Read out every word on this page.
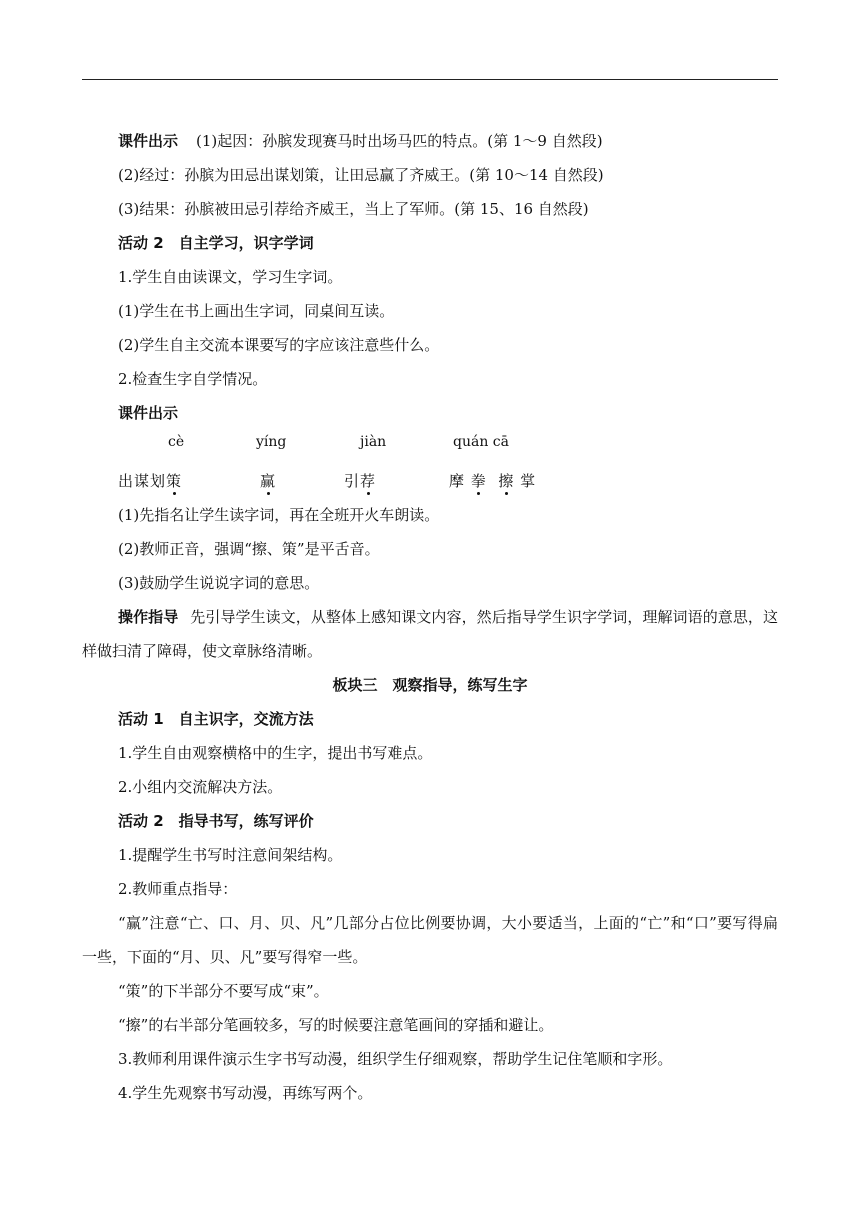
课件出示 (1)起因：孙膑发现赛马时出场马匹的特点。(第 1～9 自然段)
(2)经过：孙膑为田忌出谋划策，让田忌赢了齐威王。(第 10～14 自然段)
(3)结果：孙膑被田忌引荐给齐威王，当上了军师。(第 15、16 自然段)
活动 2　自主学习，识字学词
1.学生自由读课文，学习生字词。
(1)学生在书上画出生字词，同桌间互读。
(2)学生自主交流本课要写的字应该注意些什么。
2.检查生字自学情况。
课件出示
cè	yíng	jiàn	quán cā
出谋划策	赢	引荐	摩 拳 擦 掌
(1)先指名让学生读字词，再在全班开火车朗读。
(2)教师正音，强调“擦、策”是平舌音。
(3)鼓励学生说说字词的意思。
操作指导 先引导学生读文，从整体上感知课文内容，然后指导学生识字学词，理解词语的意思，这样做扫清了障碍，使文章脉络清晰。
板块三　观察指导，练写生字
活动 1　自主识字，交流方法
1.学生自由观察横格中的生字，提出书写难点。
2.小组内交流解决方法。
活动 2　指导书写，练写评价
1.提醒学生书写时注意间架结构。
2.教师重点指导：
“赢”注意“亡、口、月、贝、凡”几部分占位比例要协调，大小要适当，上面的“亡”和“口”要写得扁一些，下面的“月、贝、凡”要写得窄一些。
“策”的下半部分不要写成“束”。
“擦”的右半部分笔画较多，写的时候要注意笔画间的穿插和避让。
3.教师利用课件演示生字书写动漫，组织学生仔细观察，帮助学生记住笔顺和字形。
4.学生先观察书写动漫，再练写两个。
